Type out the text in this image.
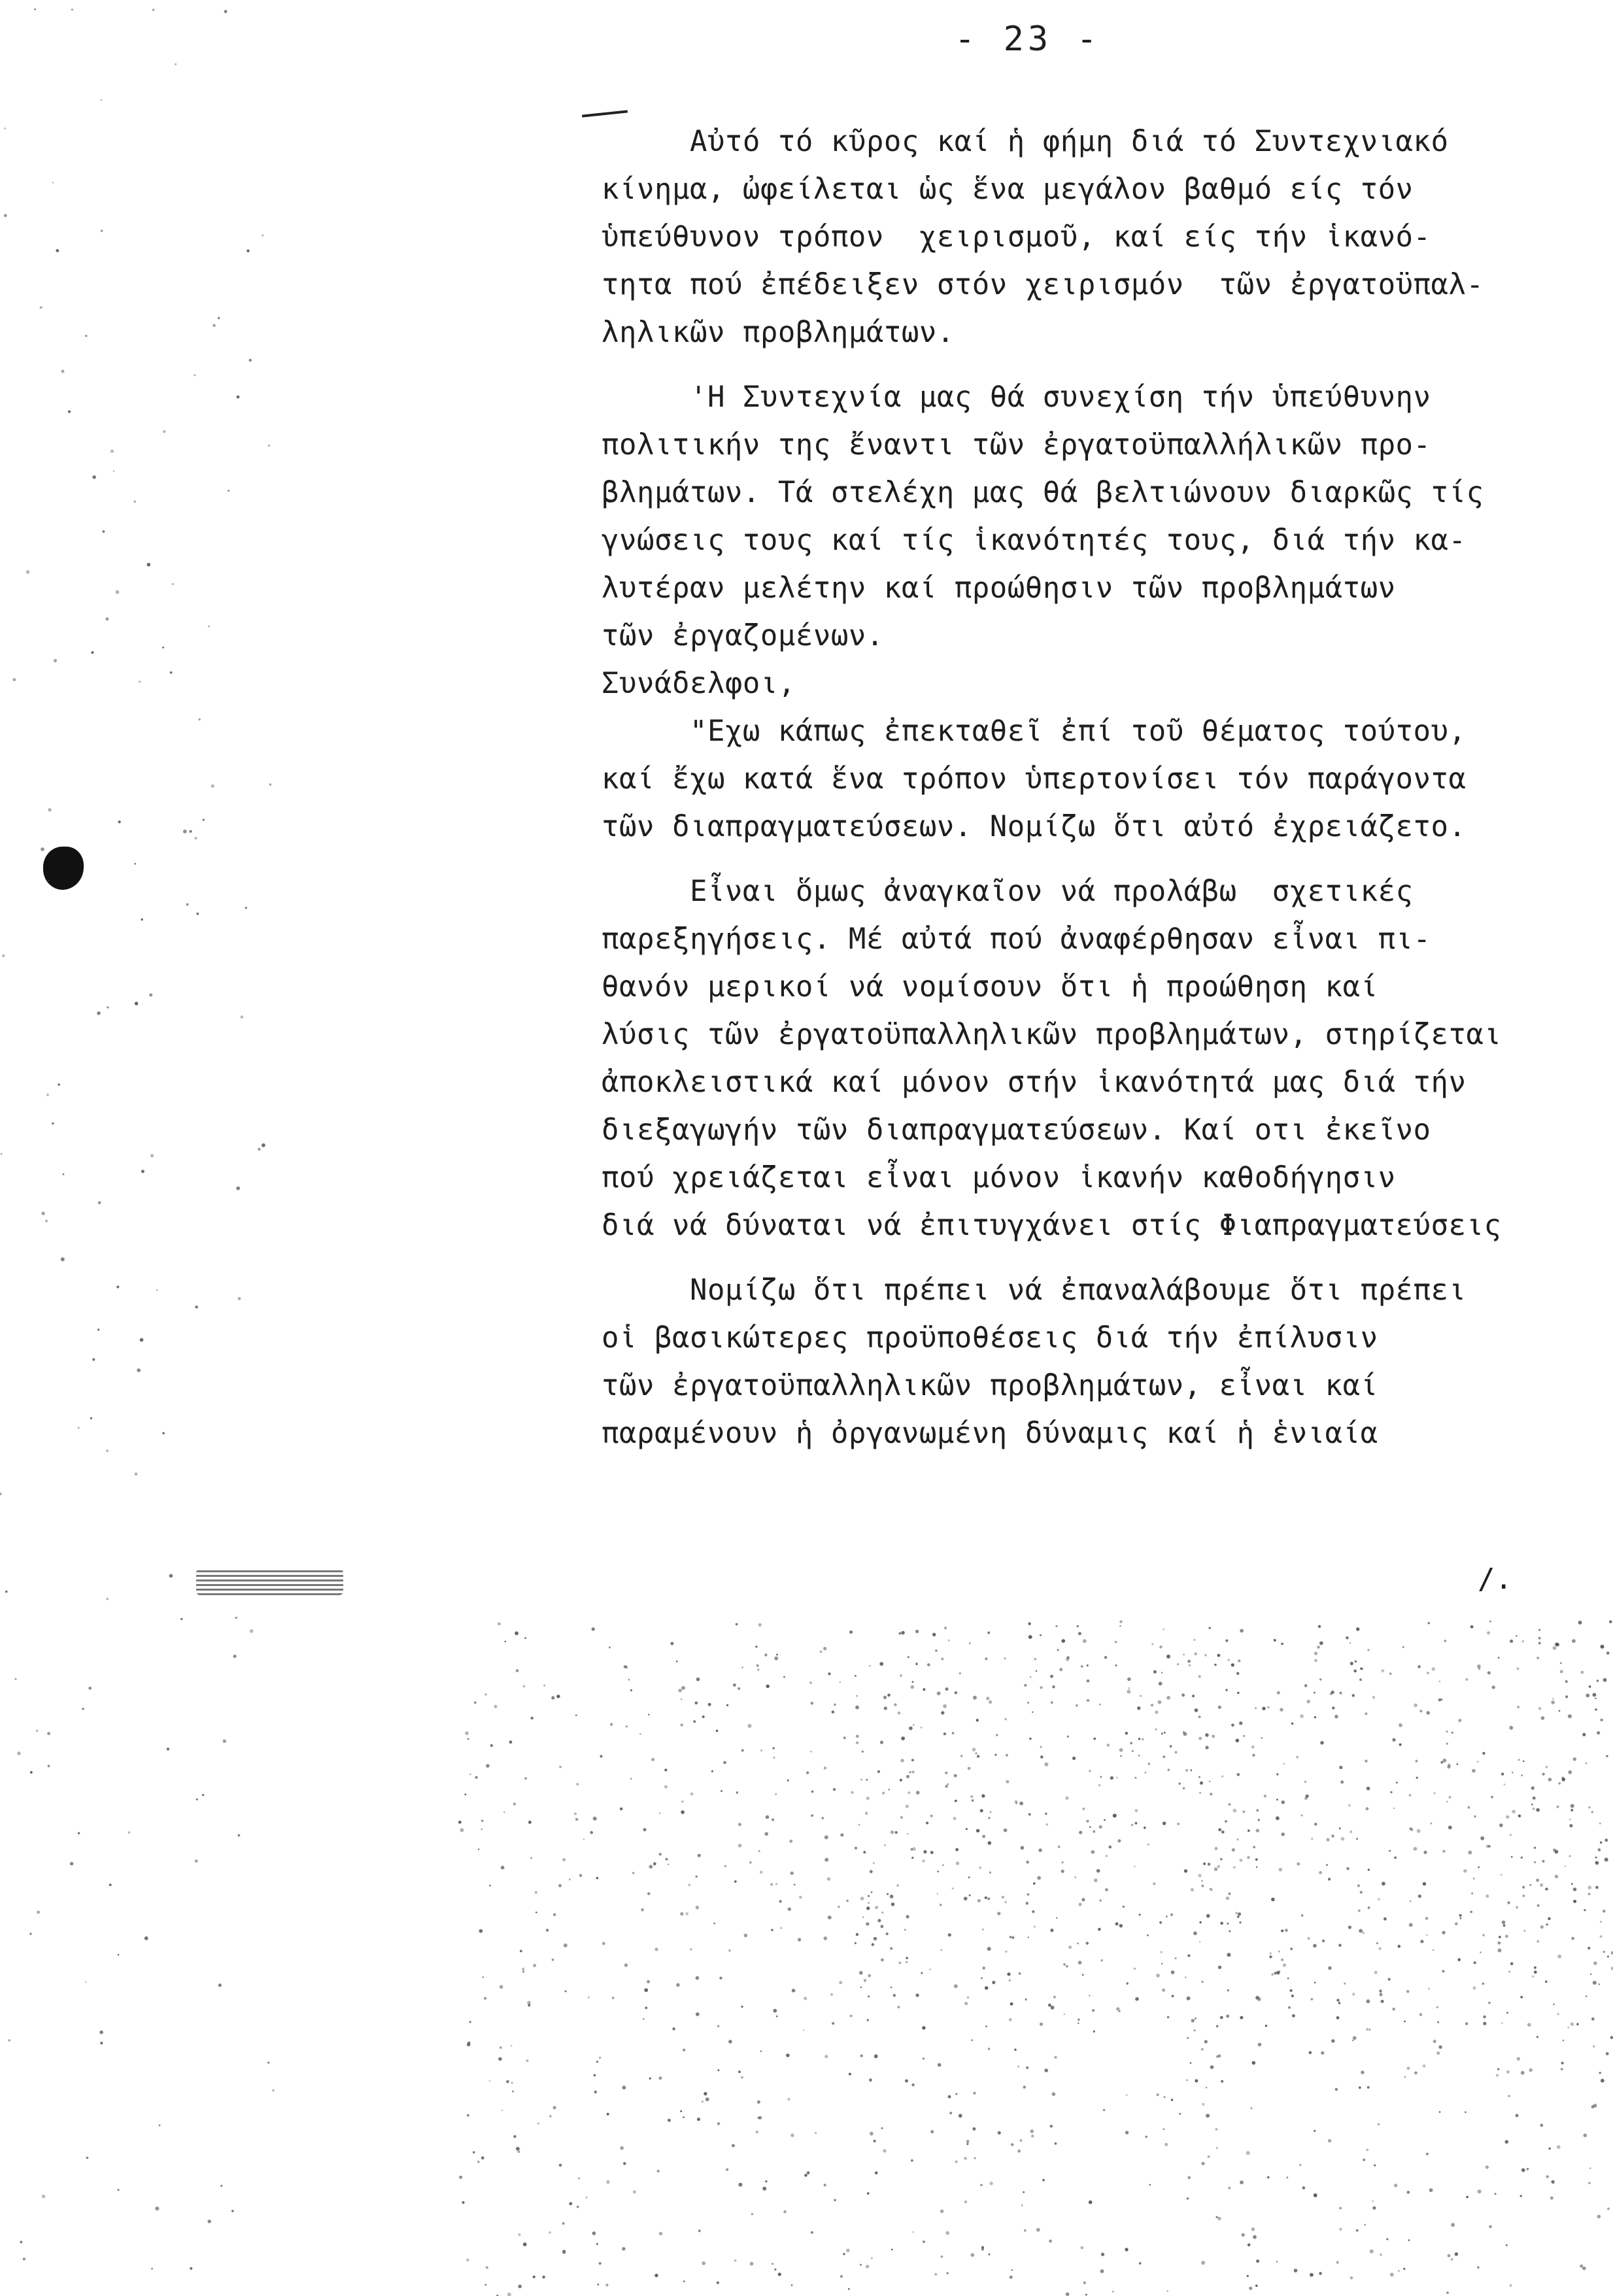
- 23 -

Αὐτό τό κῦρος καί ἡ φήμη διά τό Συντεχνιακό
κίνημα, ὠφείλεται ὡς ἕνα μεγάλον βαθμό είς τόν
ὑπεύθυνον τρόπον  χειρισμοῦ, καί είς τήν ἱκανό-
τητα πού ἐπέδειξεν στόν χειρισμόν  τῶν ἐργατοϋπαλ-
ληλικῶν προβλημάτων.

'Η Συντεχνία μας θά συνεχίση τήν ὑπεύθυνην
πολιτικήν της ἔναντι τῶν ἐργατοϋπαλλήλικῶν προ-
βλημάτων. Τά στελέχη μας θά βελτιώνουν διαρκῶς τίς
γνώσεις τους καί τίς ἱκανότητές τους, διά τήν κα-
λυτέραν μελέτην καί προώθησιν τῶν προβλημάτων
τῶν ἐργαζομένων.

Συνάδελφοι,

"Εχω κάπως ἐπεκταθεῖ ἐπί τοῦ θέματος τούτου,
καί ἔχω κατά ἕνα τρόπον ὑπερτονίσει τόν παράγοντα
τῶν διαπραγματεύσεων. Νομίζω ὅτι αὐτό ἐχρειάζετο.

Εἶναι ὅμως ἀναγκαῖον νά προλάβω  σχετικές
παρεξηγήσεις. Μέ αὐτά πού ἀναφέρθησαν εἶναι πι-
θανόν μερικοί νά νομίσουν ὅτι ἡ προώθηση καί
λύσις τῶν ἐργατοϋπαλληλικῶν προβλημάτων, στηρίζεται
ἀποκλειστικά καί μόνον στήν ἱκανότητά μας διά τήν
διεξαγωγήν τῶν διαπραγματεύσεων. Καί οτι ἐκεῖνο
πού χρειάζεται εἶναι μόνον ἱκανήν καθοδήγησιν
διά νά δύναται νά ἐπιτυγχάνει στίς Φιαπραγματεύσεις

Νομίζω ὅτι πρέπει νά ἐπαναλάβουμε ὅτι πρέπει
οἱ βασικώτερες προϋποθέσεις διά τήν ἐπίλυσιν
τῶν ἐργατοϋπαλληλικῶν προβλημάτων, εἶναι καί
παραμένουν ἡ ὀργανωμένη δύναμις καί ἡ ἑνιαία

/.
